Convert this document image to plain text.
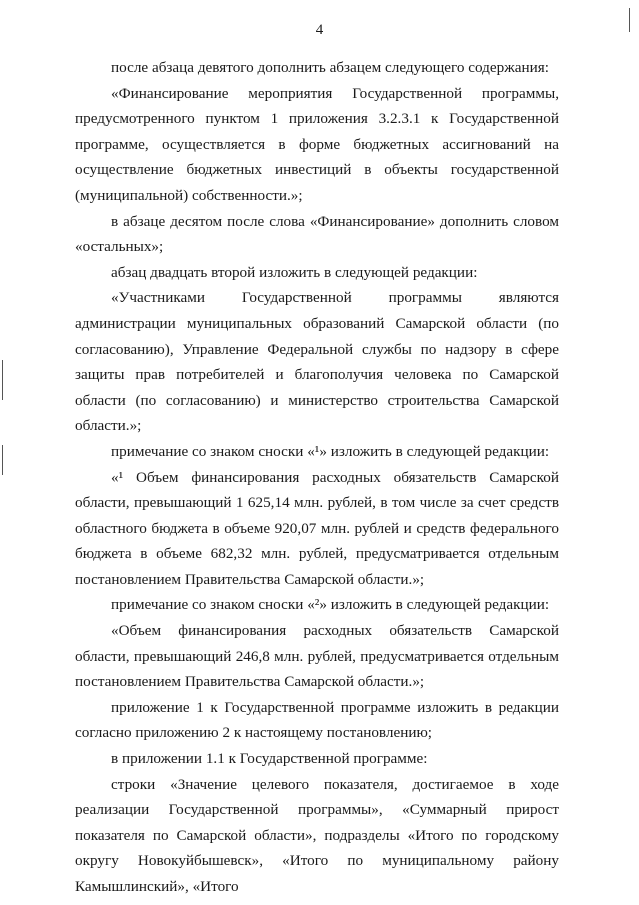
4

после абзаца девятого дополнить абзацем следующего содержания:

«Финансирование мероприятия Государственной программы, предусмотренного пунктом 1 приложения 3.2.3.1 к Государственной программе, осуществляется в форме бюджетных ассигнований на осуществление бюджетных инвестиций в объекты государственной (муниципальной) собственности.»;

в абзаце десятом после слова «Финансирование» дополнить словом «остальных»;

абзац двадцать второй изложить в следующей редакции:

«Участниками Государственной программы являются администрации муниципальных образований Самарской области (по согласованию), Управление Федеральной службы по надзору в сфере защиты прав потребителей и благополучия человека по Самарской области (по согласованию) и министерство строительства Самарской области.»;

примечание со знаком сноски «¹» изложить в следующей редакции:

«¹ Объем финансирования расходных обязательств Самарской области, превышающий 1 625,14 млн. рублей, в том числе за счет средств областного бюджета в объеме 920,07 млн. рублей и средств федерального бюджета в объеме 682,32 млн. рублей, предусматривается отдельным постановлением Правительства Самарской области.»;

примечание со знаком сноски «²» изложить в следующей редакции:

«Объем финансирования расходных обязательств Самарской области, превышающий 246,8 млн. рублей, предусматривается отдельным постановлением Правительства Самарской области.»;

приложение 1 к Государственной программе изложить в редакции согласно приложению 2 к настоящему постановлению;

в приложении 1.1 к Государственной программе:

строки «Значение целевого показателя, достигаемое в ходе реализации Государственной программы», «Суммарный прирост показателя по Самарской области», подразделы «Итого по городскому округу Новокуйбышевск», «Итого по муниципальному району Камышлинский», «Итого
